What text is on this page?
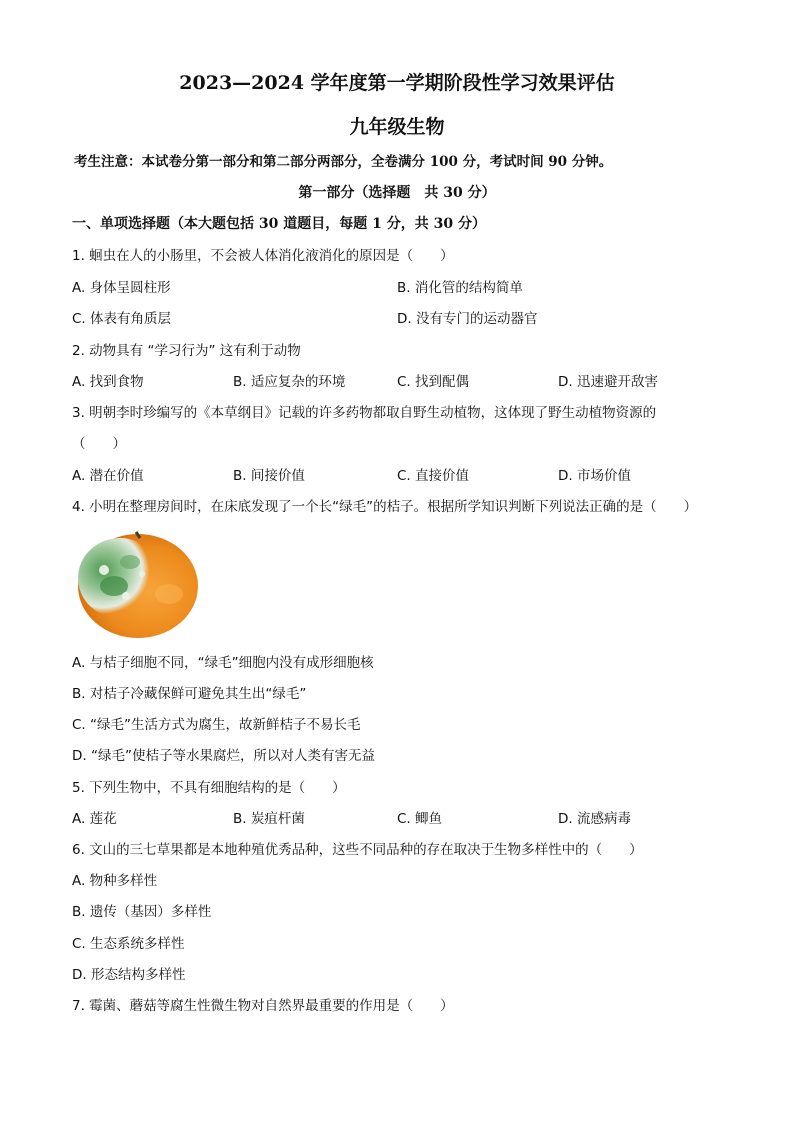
2023—2024 学年度第一学期阶段性学习效果评估
九年级生物
考生注意：本试卷分第一部分和第二部分两部分，全卷满分 100 分，考试时间 90 分钟。
第一部分（选择题　共 30 分）
一、单项选择题（本大题包括 30 道题目，每题 1 分，共 30 分）
1. 蛔虫在人的小肠里，不会被人体消化液消化的原因是（　　）
A. 身体呈圆柱形	B. 消化管的结构简单
C. 体表有角质层	D. 没有专门的运动器官
2. 动物具有 “学习行为” 这有利于动物
A. 找到食物	B. 适应复杂的环境	C. 找到配偶	D. 迅速避开敌害
3. 明朝李时珍编写的《本草纲目》记载的许多药物都取自野生动植物，这体现了野生动植物资源的
（　　）
A. 潜在价值	B. 间接价值	C. 直接价值	D. 市场价值
4. 小明在整理房间时，在床底发现了一个长“绿毛”的桔子。根据所学知识判断下列说法正确的是（　　）
A. 与桔子细胞不同，“绿毛”细胞内没有成形细胞核
B. 对桔子冷藏保鲜可避免其生出“绿毛”
C. “绿毛”生活方式为腐生，故新鲜桔子不易长毛
D. “绿毛”使桔子等水果腐烂，所以对人类有害无益
5. 下列生物中，不具有细胞结构的是（　　）
A. 莲花	B. 炭疽杆菌	C. 鲫鱼	D. 流感病毒
6. 文山的三七草果都是本地种殖优秀品种，这些不同品种的存在取决于生物多样性中的（　　）
A. 物种多样性
B. 遗传（基因）多样性
C. 生态系统多样性
D. 形态结构多样性
7. 霉菌、蘑菇等腐生性微生物对自然界最重要的作用是（　　）
